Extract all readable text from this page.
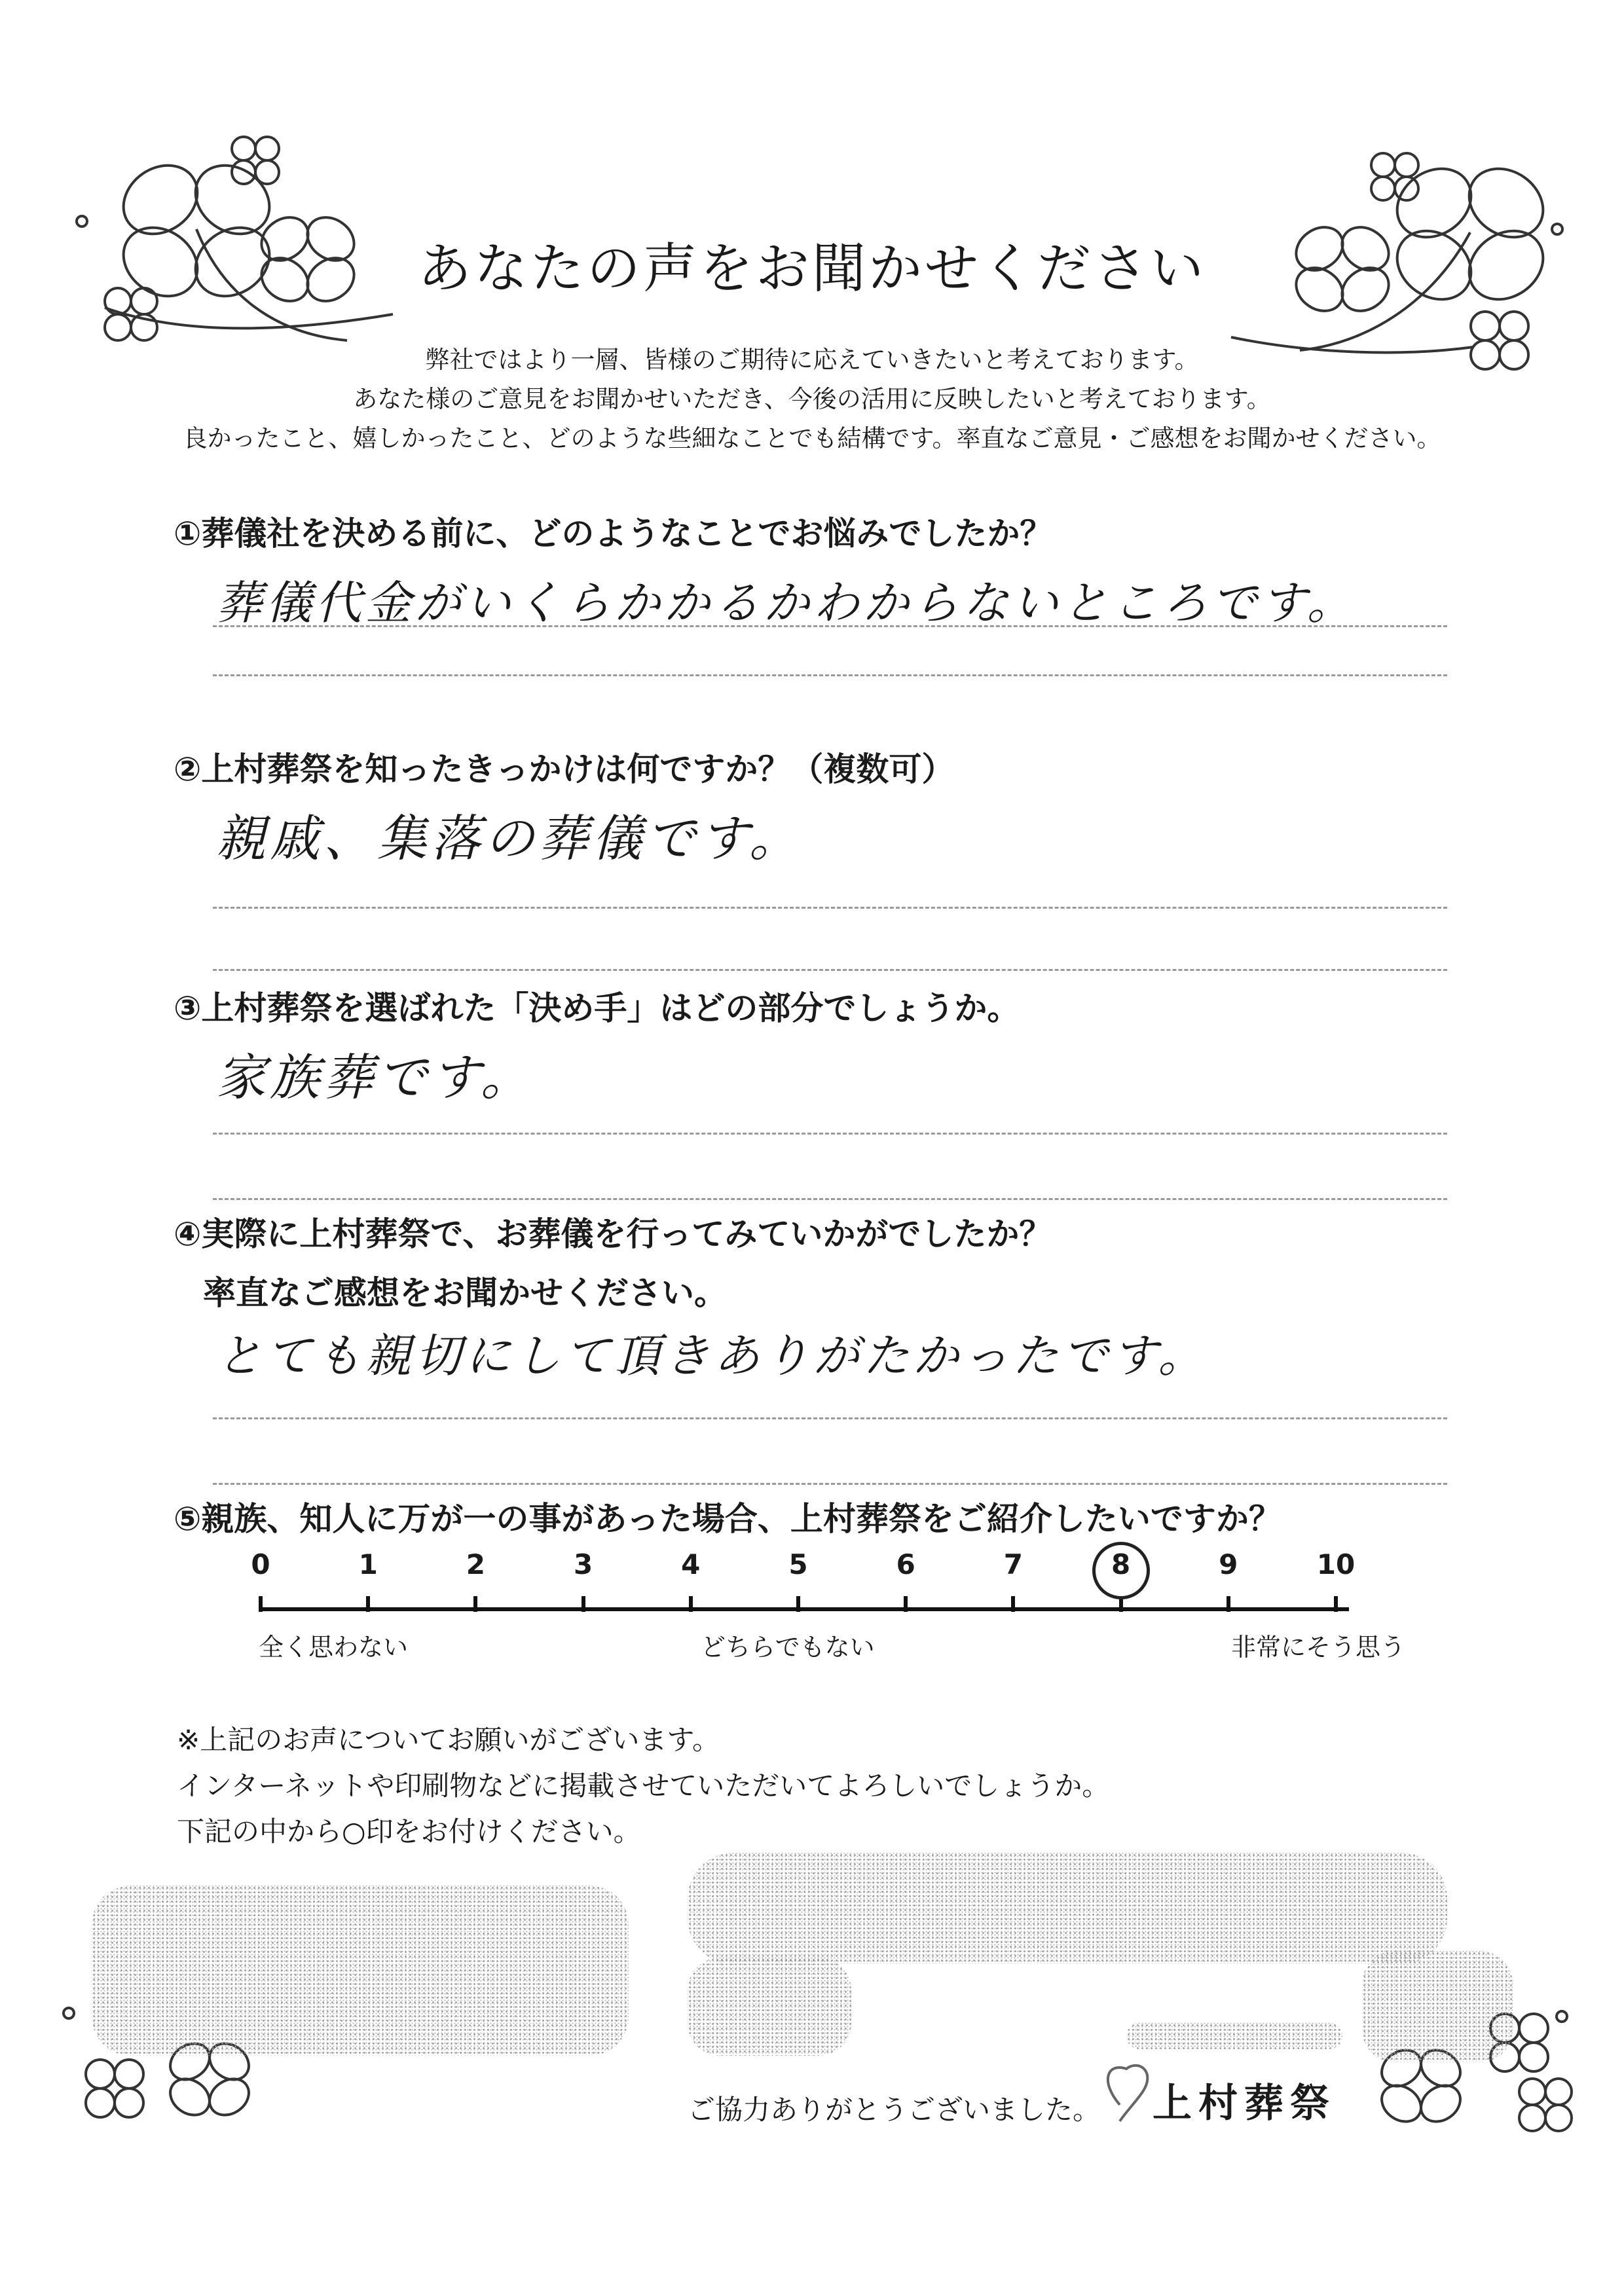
あなたの声をお聞かせください
弊社ではより一層、皆様のご期待に応えていきたいと考えております。
あなた様のご意見をお聞かせいただき、今後の活用に反映したいと考えております。
良かったこと、嬉しかったこと、どのような些細なことでも結構です。率直なご意見・ご感想をお聞かせください。
①葬儀社を決める前に、どのようなことでお悩みでしたか？
葬儀代金がいくらかかるかわからないところです。
②上村葬祭を知ったきっかけは何ですか？（複数可）
親戚、集落の葬儀です。
③上村葬祭を選ばれた「決め手」はどの部分でしょうか。
家族葬です。
④実際に上村葬祭で、お葬儀を行ってみていかがでしたか？
率直なご感想をお聞かせください。
とても親切にして頂きありがたかったです。
⑤親族、知人に万が一の事があった場合、上村葬祭をご紹介したいですか？
0	1	2	3	4	5	6	7	8	9	10
全く思わない	どちらでもない	非常にそう思う
※上記のお声についてお願いがございます。
インターネットや印刷物などに掲載させていただいてよろしいでしょうか。
下記の中から○印をお付けください。
ご協力ありがとうございました。 上村葬祭
